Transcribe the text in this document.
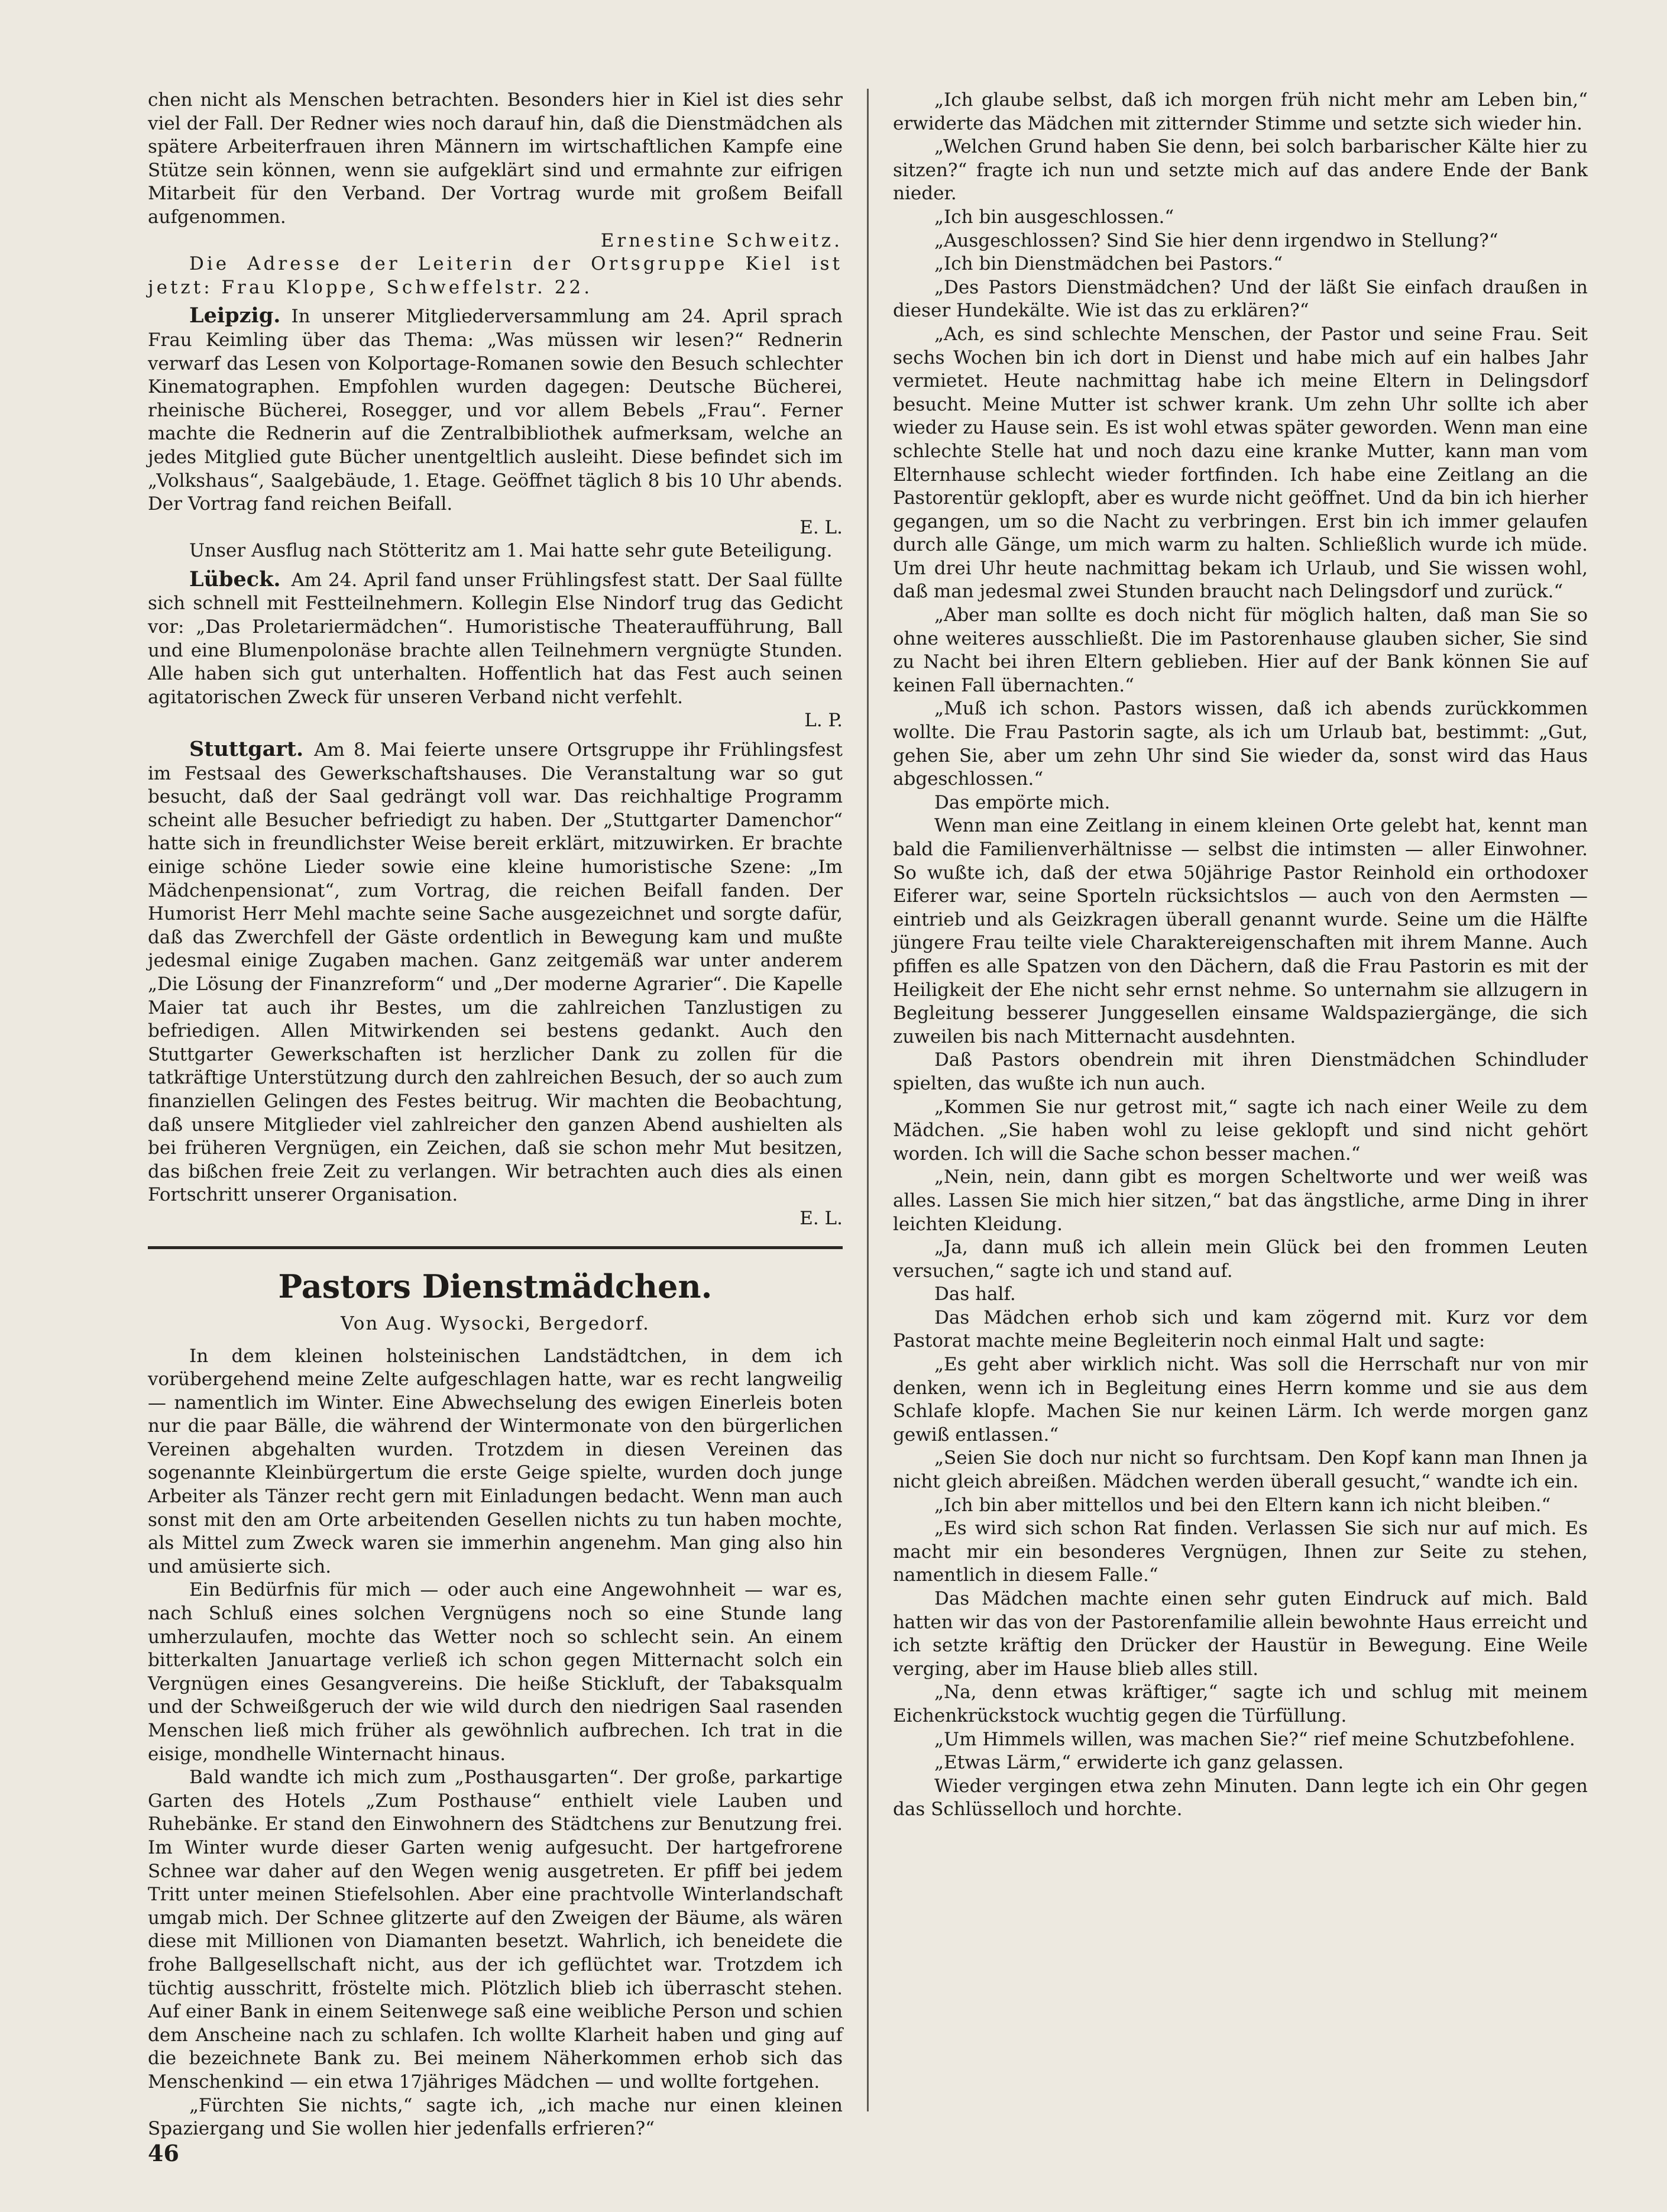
chen nicht als Menschen betrachten. Besonders hier in Kiel ist dies sehr viel der Fall. Der Redner wies noch darauf hin, daß die Dienstmädchen als spätere Arbeiterfrauen ihren Männern im wirtschaftlichen Kampfe eine Stütze sein können, wenn sie aufgeklärt sind und ermahnte zur eifrigen Mitarbeit für den Verband. Der Vortrag wurde mit großem Beifall aufgenommen.

Ernestine Schweitz.

Die Adresse der Leiterin der Ortsgruppe Kiel ist jetzt: Frau Kloppe, Schweffelstr. 22.

Leipzig. In unserer Mitgliederversammlung am 24. April sprach Frau Keimling über das Thema: „Was müssen wir lesen?“ Rednerin verwarf das Lesen von Kolportage-Romanen sowie den Besuch schlechter Kinematographen. Empfohlen wurden dagegen: Deutsche Bücherei, rheinische Bücherei, Rosegger, und vor allem Bebels „Frau“. Ferner machte die Rednerin auf die Zentralbibliothek aufmerksam, welche an jedes Mitglied gute Bücher unentgeltlich ausleiht. Diese befindet sich im „Volkshaus“, Saalgebäude, 1. Etage. Geöffnet täglich 8 bis 10 Uhr abends. Der Vortrag fand reichen Beifall.

E. L.

Unser Ausflug nach Stötteritz am 1. Mai hatte sehr gute Beteiligung.

Lübeck. Am 24. April fand unser Frühlingsfest statt. Der Saal füllte sich schnell mit Festteilnehmern. Kollegin Else Nindorf trug das Gedicht vor: „Das Proletariermädchen“. Humoristische Theateraufführung, Ball und eine Blumenpolonäse brachte allen Teilnehmern vergnügte Stunden. Alle haben sich gut unterhalten. Hoffentlich hat das Fest auch seinen agitatorischen Zweck für unseren Verband nicht verfehlt.

L. P.

Stuttgart. Am 8. Mai feierte unsere Ortsgruppe ihr Frühlingsfest im Festsaal des Gewerkschaftshauses. Die Veranstaltung war so gut besucht, daß der Saal gedrängt voll war. Das reichhaltige Programm scheint alle Besucher befriedigt zu haben. Der „Stuttgarter Damenchor“ hatte sich in freundlichster Weise bereit erklärt, mitzuwirken. Er brachte einige schöne Lieder sowie eine kleine humoristische Szene: „Im Mädchenpensionat“, zum Vortrag, die reichen Beifall fanden. Der Humorist Herr Mehl machte seine Sache ausgezeichnet und sorgte dafür, daß das Zwerchfell der Gäste ordentlich in Bewegung kam und mußte jedesmal einige Zugaben machen. Ganz zeitgemäß war unter anderem „Die Lösung der Finanzreform“ und „Der moderne Agrarier“. Die Kapelle Maier tat auch ihr Bestes, um die zahlreichen Tanzlustigen zu befriedigen. Allen Mitwirkenden sei bestens gedankt. Auch den Stuttgarter Gewerkschaften ist herzlicher Dank zu zollen für die tatkräftige Unterstützung durch den zahlreichen Besuch, der so auch zum finanziellen Gelingen des Festes beitrug. Wir machten die Beobachtung, daß unsere Mitglieder viel zahlreicher den ganzen Abend aushielten als bei früheren Vergnügen, ein Zeichen, daß sie schon mehr Mut besitzen, das bißchen freie Zeit zu verlangen. Wir betrachten auch dies als einen Fortschritt unserer Organisation.

E. L.

Pastors Dienstmädchen.
Von Aug. Wysocki, Bergedorf.

In dem kleinen holsteinischen Landstädtchen, in dem ich vorübergehend meine Zelte aufgeschlagen hatte, war es recht langweilig — namentlich im Winter. Eine Abwechselung des ewigen Einerleis boten nur die paar Bälle, die während der Wintermonate von den bürgerlichen Vereinen abgehalten wurden. Trotzdem in diesen Vereinen das sogenannte Kleinbürgertum die erste Geige spielte, wurden doch junge Arbeiter als Tänzer recht gern mit Einladungen bedacht. Wenn man auch sonst mit den am Orte arbeitenden Gesellen nichts zu tun haben mochte, als Mittel zum Zweck waren sie immerhin angenehm. Man ging also hin und amüsierte sich.

Ein Bedürfnis für mich — oder auch eine Angewohnheit — war es, nach Schluß eines solchen Vergnügens noch so eine Stunde lang umherzulaufen, mochte das Wetter noch so schlecht sein. An einem bitterkalten Januartage verließ ich schon gegen Mitternacht solch ein Vergnügen eines Gesangvereins. Die heiße Stickluft, der Tabaksqualm und der Schweißgeruch der wie wild durch den niedrigen Saal rasenden Menschen ließ mich früher als gewöhnlich aufbrechen. Ich trat in die eisige, mondhelle Winternacht hinaus.

Bald wandte ich mich zum „Posthausgarten“. Der große, parkartige Garten des Hotels „Zum Posthause“ enthielt viele Lauben und Ruhebänke. Er stand den Einwohnern des Städtchens zur Benutzung frei. Im Winter wurde dieser Garten wenig aufgesucht. Der hartgefrorene Schnee war daher auf den Wegen wenig ausgetreten. Er pfiff bei jedem Tritt unter meinen Stiefelsohlen. Aber eine prachtvolle Winterlandschaft umgab mich. Der Schnee glitzerte auf den Zweigen der Bäume, als wären diese mit Millionen von Diamanten besetzt. Wahrlich, ich beneidete die frohe Ballgesellschaft nicht, aus der ich geflüchtet war. Trotzdem ich tüchtig ausschritt, fröstelte mich. Plötzlich blieb ich überrascht stehen. Auf einer Bank in einem Seitenwege saß eine weibliche Person und schien dem Anscheine nach zu schlafen. Ich wollte Klarheit haben und ging auf die bezeichnete Bank zu. Bei meinem Näherkommen erhob sich das Menschenkind — ein etwa 17jähriges Mädchen — und wollte fortgehen.

„Fürchten Sie nichts,“ sagte ich, „ich mache nur einen kleinen Spaziergang und Sie wollen hier jedenfalls erfrieren?“

„Ich glaube selbst, daß ich morgen früh nicht mehr am Leben bin,“ erwiderte das Mädchen mit zitternder Stimme und setzte sich wieder hin.

„Welchen Grund haben Sie denn, bei solch barbarischer Kälte hier zu sitzen?“ fragte ich nun und setzte mich auf das andere Ende der Bank nieder.

„Ich bin ausgeschlossen.“

„Ausgeschlossen? Sind Sie hier denn irgendwo in Stellung?“

„Ich bin Dienstmädchen bei Pastors.“

„Des Pastors Dienstmädchen? Und der läßt Sie einfach draußen in dieser Hundekälte. Wie ist das zu erklären?“

„Ach, es sind schlechte Menschen, der Pastor und seine Frau. Seit sechs Wochen bin ich dort in Dienst und habe mich auf ein halbes Jahr vermietet. Heute nachmittag habe ich meine Eltern in Delingsdorf besucht. Meine Mutter ist schwer krank. Um zehn Uhr sollte ich aber wieder zu Hause sein. Es ist wohl etwas später geworden. Wenn man eine schlechte Stelle hat und noch dazu eine kranke Mutter, kann man vom Elternhause schlecht wieder fortfinden. Ich habe eine Zeitlang an die Pastorentür geklopft, aber es wurde nicht geöffnet. Und da bin ich hierher gegangen, um so die Nacht zu verbringen. Erst bin ich immer gelaufen durch alle Gänge, um mich warm zu halten. Schließlich wurde ich müde. Um drei Uhr heute nachmittag bekam ich Urlaub, und Sie wissen wohl, daß man jedesmal zwei Stunden braucht nach Delingsdorf und zurück.“

„Aber man sollte es doch nicht für möglich halten, daß man Sie so ohne weiteres ausschließt. Die im Pastorenhause glauben sicher, Sie sind zu Nacht bei ihren Eltern geblieben. Hier auf der Bank können Sie auf keinen Fall übernachten.“

„Muß ich schon. Pastors wissen, daß ich abends zurückkommen wollte. Die Frau Pastorin sagte, als ich um Urlaub bat, bestimmt: „Gut, gehen Sie, aber um zehn Uhr sind Sie wieder da, sonst wird das Haus abgeschlossen.“

Das empörte mich.

Wenn man eine Zeitlang in einem kleinen Orte gelebt hat, kennt man bald die Familienverhältnisse — selbst die intimsten — aller Einwohner. So wußte ich, daß der etwa 50jährige Pastor Reinhold ein orthodoxer Eiferer war, seine Sporteln rücksichtslos — auch von den Aermsten — eintrieb und als Geizkragen überall genannt wurde. Seine um die Hälfte jüngere Frau teilte viele Charaktereigenschaften mit ihrem Manne. Auch pfiffen es alle Spatzen von den Dächern, daß die Frau Pastorin es mit der Heiligkeit der Ehe nicht sehr ernst nehme. So unternahm sie allzugern in Begleitung besserer Junggesellen einsame Waldspaziergänge, die sich zuweilen bis nach Mitternacht ausdehnten.

Daß Pastors obendrein mit ihren Dienstmädchen Schindluder spielten, das wußte ich nun auch.

„Kommen Sie nur getrost mit,“ sagte ich nach einer Weile zu dem Mädchen. „Sie haben wohl zu leise geklopft und sind nicht gehört worden. Ich will die Sache schon besser machen.“

„Nein, nein, dann gibt es morgen Scheltworte und wer weiß was alles. Lassen Sie mich hier sitzen,“ bat das ängstliche, arme Ding in ihrer leichten Kleidung.

„Ja, dann muß ich allein mein Glück bei den frommen Leuten versuchen,“ sagte ich und stand auf.

Das half.

Das Mädchen erhob sich und kam zögernd mit. Kurz vor dem Pastorat machte meine Begleiterin noch einmal Halt und sagte:

„Es geht aber wirklich nicht. Was soll die Herrschaft nur von mir denken, wenn ich in Begleitung eines Herrn komme und sie aus dem Schlafe klopfe. Machen Sie nur keinen Lärm. Ich werde morgen ganz gewiß entlassen.“

„Seien Sie doch nur nicht so furchtsam. Den Kopf kann man Ihnen ja nicht gleich abreißen. Mädchen werden überall gesucht,“ wandte ich ein.

„Ich bin aber mittellos und bei den Eltern kann ich nicht bleiben.“

„Es wird sich schon Rat finden. Verlassen Sie sich nur auf mich. Es macht mir ein besonderes Vergnügen, Ihnen zur Seite zu stehen, namentlich in diesem Falle.“

Das Mädchen machte einen sehr guten Eindruck auf mich. Bald hatten wir das von der Pastorenfamilie allein bewohnte Haus erreicht und ich setzte kräftig den Drücker der Haustür in Bewegung. Eine Weile verging, aber im Hause blieb alles still.

„Na, denn etwas kräftiger,“ sagte ich und schlug mit meinem Eichenkrückstock wuchtig gegen die Türfüllung.

„Um Himmels willen, was machen Sie?“ rief meine Schutzbefohlene.

„Etwas Lärm,“ erwiderte ich ganz gelassen.

Wieder vergingen etwa zehn Minuten. Dann legte ich ein Ohr gegen das Schlüsselloch und horchte.

46
